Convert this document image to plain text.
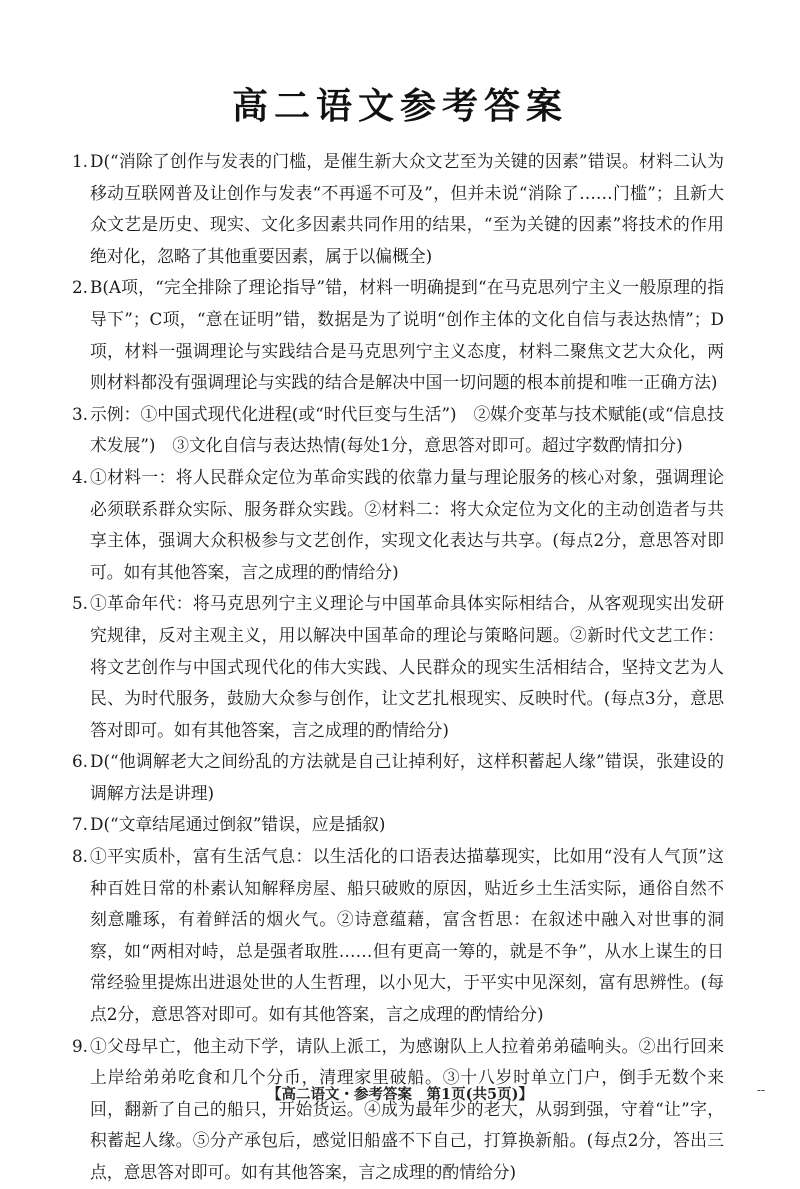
高二语文参考答案
1. D(“消除了创作与发表的门槛，是催生新大众文艺至为关键的因素”错误。材料二认为移动互联网普及让创作与发表“不再遥不可及”，但并未说“消除了……门槛”；且新大众文艺是历史、现实、文化多因素共同作用的结果，“至为关键的因素”将技术的作用绝对化，忽略了其他重要因素，属于以偏概全)
2. B(A项，“完全排除了理论指导”错，材料一明确提到“在马克思列宁主义一般原理的指导下”；C项，“意在证明”错，数据是为了说明“创作主体的文化自信与表达热情”；D项，材料一强调理论与实践结合是马克思列宁主义态度，材料二聚焦文艺大众化，两则材料都没有强调理论与实践的结合是解决中国一切问题的根本前提和唯一正确方法)
3. 示例：①中国式现代化进程(或“时代巨变与生活”)　②媒介变革与技术赋能(或“信息技术发展”)　③文化自信与表达热情(每处1分，意思答对即可。超过字数酌情扣分)
4. ①材料一：将人民群众定位为革命实践的依靠力量与理论服务的核心对象，强调理论必须联系群众实际、服务群众实践。②材料二：将大众定位为文化的主动创造者与共享主体，强调大众积极参与文艺创作，实现文化表达与共享。(每点2分，意思答对即可。如有其他答案，言之成理的酌情给分)
5. ①革命年代：将马克思列宁主义理论与中国革命具体实际相结合，从客观现实出发研究规律，反对主观主义，用以解决中国革命的理论与策略问题。②新时代文艺工作：将文艺创作与中国式现代化的伟大实践、人民群众的现实生活相结合，坚持文艺为人民、为时代服务，鼓励大众参与创作，让文艺扎根现实、反映时代。(每点3分，意思答对即可。如有其他答案，言之成理的酌情给分)
6. D(“他调解老大之间纷乱的方法就是自己让掉利好，这样积蓄起人缘”错误，张建设的调解方法是讲理)
7. D(“文章结尾通过倒叙”错误，应是插叙)
8. ①平实质朴，富有生活气息：以生活化的口语表达描摹现实，比如用“没有人气顶”这种百姓日常的朴素认知解释房屋、船只破败的原因，贴近乡土生活实际，通俗自然不刻意雕琢，有着鲜活的烟火气。②诗意蕴藉，富含哲思：在叙述中融入对世事的洞察，如“两相对峙，总是强者取胜……但有更高一筹的，就是不争”，从水上谋生的日常经验里提炼出进退处世的人生哲理，以小见大，于平实中见深刻，富有思辨性。(每点2分，意思答对即可。如有其他答案，言之成理的酌情给分)
9. ①父母早亡，他主动下学，请队上派工，为感谢队上人拉着弟弟磕响头。②出行回来上岸给弟弟吃食和几个分币，清理家里破船。③十八岁时单立门户，倒手无数个来回，翻新了自己的船只，开始货运。④成为最年少的老大，从弱到强，守着“让”字，积蓄起人缘。⑤分产承包后，感觉旧船盛不下自己，打算换新船。(每点2分，答出三点，意思答对即可。如有其他答案，言之成理的酌情给分)
【高二语文・参考答案　第1页(共5页)】	--
